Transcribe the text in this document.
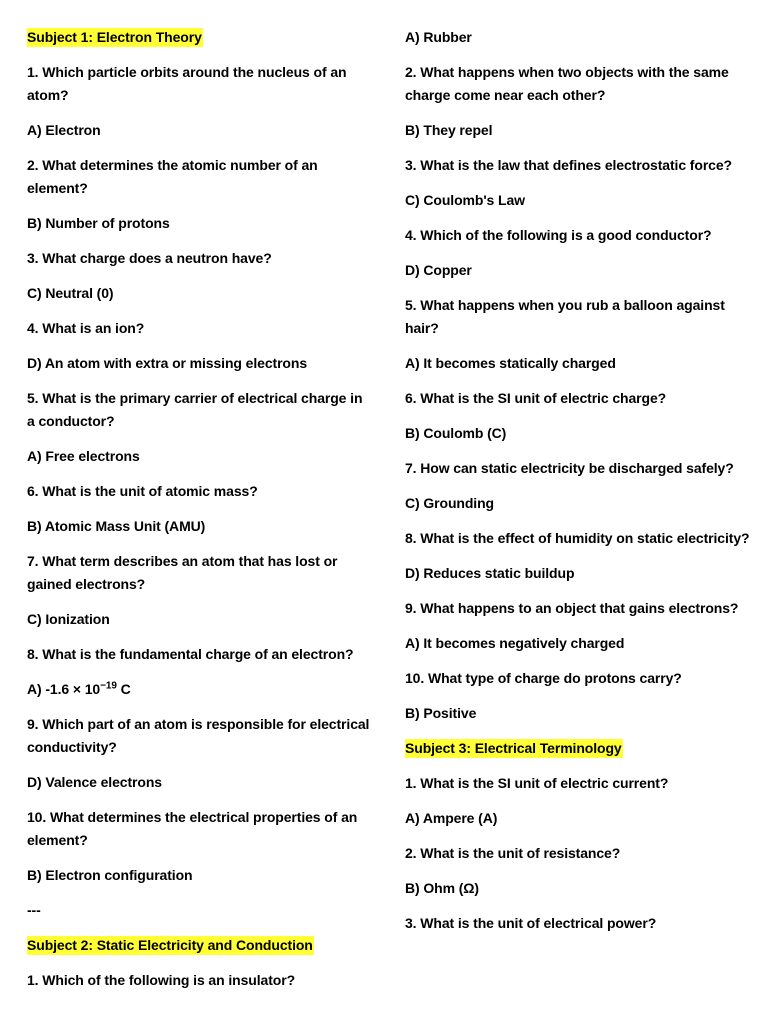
Subject 1: Electron Theory
1. Which particle orbits around the nucleus of an atom?
A) Electron
2. What determines the atomic number of an element?
B) Number of protons
3. What charge does a neutron have?
C) Neutral (0)
4. What is an ion?
D) An atom with extra or missing electrons
5. What is the primary carrier of electrical charge in a conductor?
A) Free electrons
6. What is the unit of atomic mass?
B) Atomic Mass Unit (AMU)
7. What term describes an atom that has lost or gained electrons?
C) Ionization
8. What is the fundamental charge of an electron?
A) $-1.6 \times 10^{-19}$ C
9. Which part of an atom is responsible for electrical conductivity?
D) Valence electrons
10. What determines the electrical properties of an element?
B) Electron configuration
---
Subject 2: Static Electricity and Conduction
1. Which of the following is an insulator?
A) Rubber
2. What happens when two objects with the same charge come near each other?
B) They repel
3. What is the law that defines electrostatic force?
C) Coulomb's Law
4. Which of the following is a good conductor?
D) Copper
5. What happens when you rub a balloon against hair?
A) It becomes statically charged
6. What is the SI unit of electric charge?
B) Coulomb (C)
7. How can static electricity be discharged safely?
C) Grounding
8. What is the effect of humidity on static electricity?
D) Reduces static buildup
9. What happens to an object that gains electrons?
A) It becomes negatively charged
10. What type of charge do protons carry?
B) Positive
Subject 3: Electrical Terminology
1. What is the SI unit of electric current?
A) Ampere (A)
2. What is the unit of resistance?
B) Ohm (Ω)
3. What is the unit of electrical power?
